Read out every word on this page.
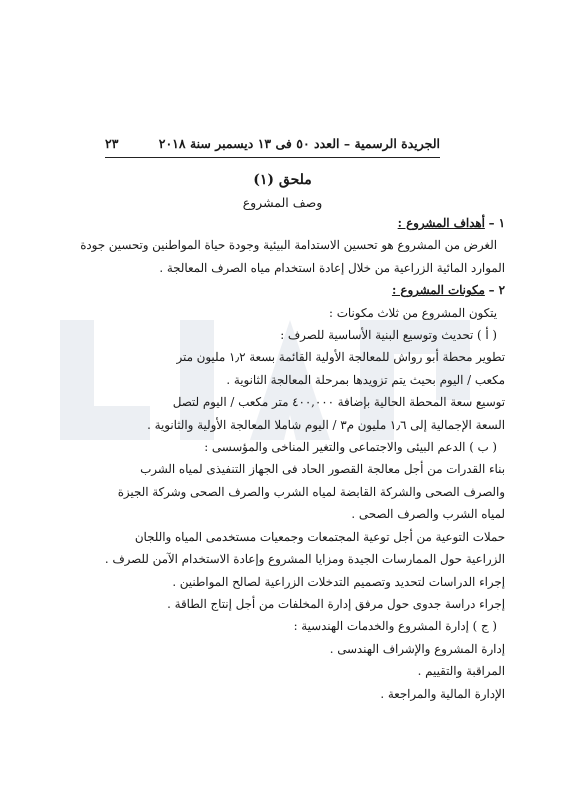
الجريدة الرسمية – العدد ٥٠ فى ١٣ ديسمبر سنة ٢٠١٨
٢٣
ملحق (١)
وصف المشروع
١ – أهداف المشروع :
الغرض من المشروع هو تحسين الاستدامة البيئية وجودة حياة المواطنين وتحسين جودة
الموارد المائية الزراعية من خلال إعادة استخدام مياه الصرف المعالجة .
٢ – مكونات المشروع :
يتكون المشروع من ثلاث مكونات :
( أ ) تحديث وتوسيع البنية الأساسية للصرف :
تطوير محطة أبو رواش للمعالجة الأولية القائمة بسعة ١٫٢ مليون متر
مكعب / اليوم بحيث يتم تزويدها بمرحلة المعالجة الثانوية .
توسيع سعة المحطة الحالية بإضافة ٤٠٠,٠٠٠ متر مكعب / اليوم لتصل
السعة الإجمالية إلى ١٫٦ مليون م٣ / اليوم شاملا المعالجة الأولية والثانوية .
( ب ) الدعم البيئى والاجتماعى والتغير المناخى والمؤسسى :
بناء القدرات من أجل معالجة القصور الحاد فى الجهاز التنفيذى لمياه الشرب
والصرف الصحى والشركة القابضة لمياه الشرب والصرف الصحى وشركة الجيزة
لمياه الشرب والصرف الصحى .
حملات التوعية من أجل توعية المجتمعات وجمعيات مستخدمى المياه واللجان
الزراعية حول الممارسات الجيدة ومزايا المشروع وإعادة الاستخدام الآمن للصرف .
إجراء الدراسات لتحديد وتصميم التدخلات الزراعية لصالح المواطنين .
إجراء دراسة جدوى حول مرفق إدارة المخلفات من أجل إنتاج الطاقة .
( ج ) إدارة المشروع والخدمات الهندسية :
إدارة المشروع والإشراف الهندسى .
المراقبة والتقييم .
الإدارة المالية والمراجعة .
